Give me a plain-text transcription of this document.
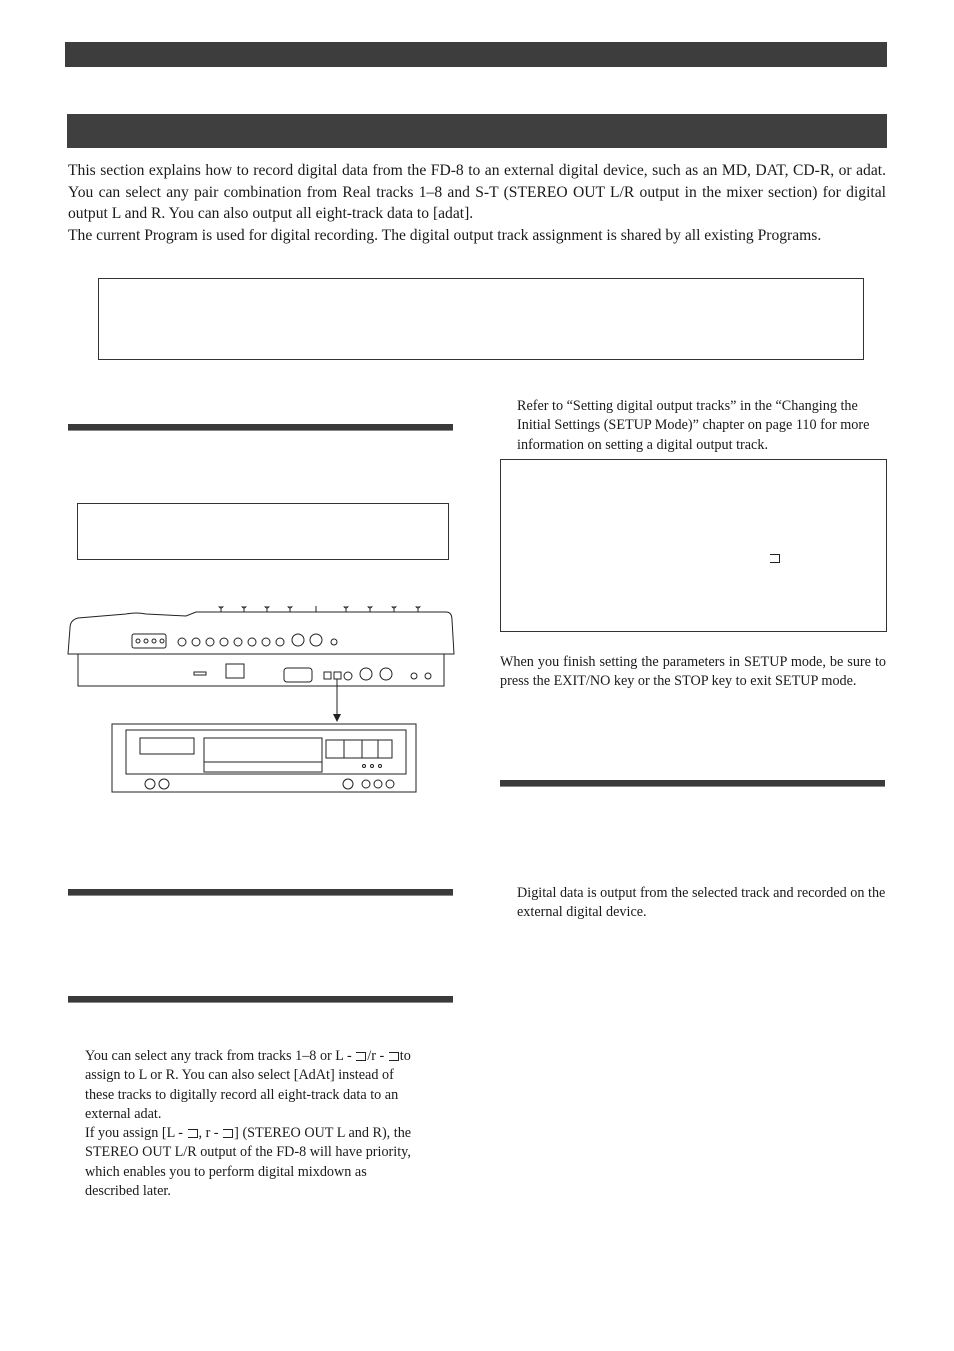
This section explains how to record digital data from the FD-8 to an external digital device, such as an MD, DAT, CD-R, or adat. You can select any pair combination from Real tracks 1–8 and S-T (STEREO OUT L/R output in the mixer section) for digital output L and R. You can also output all eight-track data to [adat].

The current Program is used for digital recording. The digital output track assignment is shared by all existing Programs.

You can select any track from tracks 1–8 or L - /r - to
assign to L or R. You can also select [AdAt] instead of
these tracks to digitally record all eight-track data to an
external adat.
If you assign [L - , r - ] (STEREO OUT L and R), the
STEREO OUT L/R output of the FD-8 will have priority,
which enables you to perform digital mixdown as
described later.
Refer to “Setting digital output tracks” in the “Changing the Initial Settings (SETUP Mode)” chapter on page 110 for more information on setting a digital output track.
When you finish setting the parameters in SETUP mode, be sure to press the EXIT/NO key or the STOP key to exit SETUP mode.
Digital data is output from the selected track and recorded on the external digital device.
